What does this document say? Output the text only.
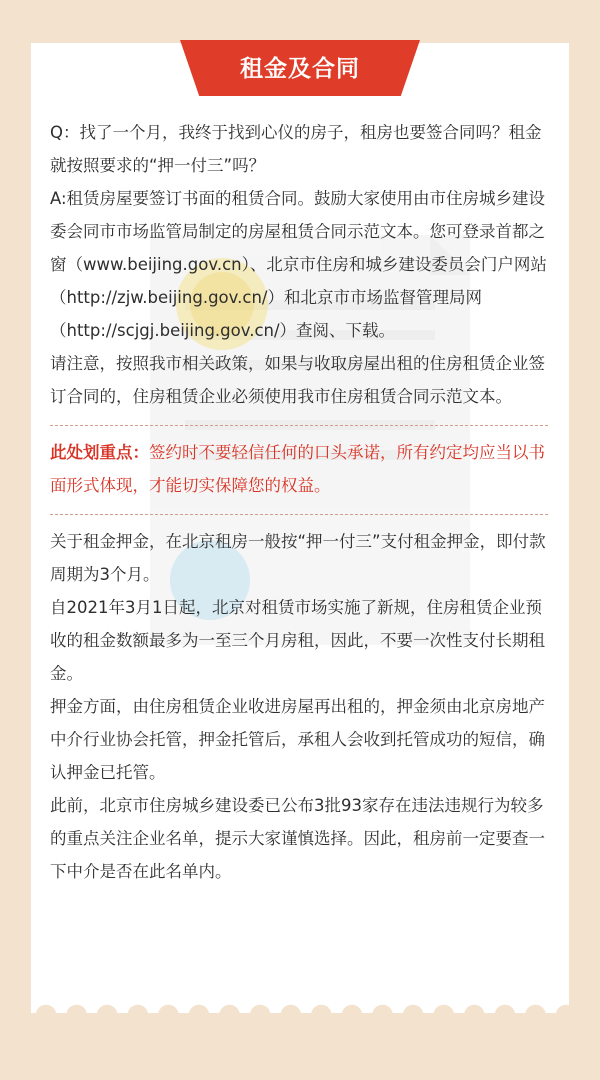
租金及合同

Q：找了一个月，我终于找到心仪的房子，租房也要签合同吗？租金就按照要求的“押一付三”吗？

A:租赁房屋要签订书面的租赁合同。鼓励大家使用由市住房城乡建设委会同市市场监管局制定的房屋租赁合同示范文本。您可登录首都之窗（www.beijing.gov.cn）、北京市住房和城乡建设委员会门户网站（http://zjw.beijing.gov.cn/）和北京市市场监督管理局网（http://scjgj.beijing.gov.cn/）查阅、下载。

请注意，按照我市相关政策，如果与收取房屋出租的住房租赁企业签订合同的，住房租赁企业必须使用我市住房租赁合同示范文本。

此处划重点：签约时不要轻信任何的口头承诺，所有约定均应当以书面形式体现，才能切实保障您的权益。

关于租金押金，在北京租房一般按“押一付三”支付租金押金，即付款周期为3个月。

自2021年3月1日起，北京对租赁市场实施了新规，住房租赁企业预收的租金数额最多为一至三个月房租，因此，不要一次性支付长期租金。

押金方面，由住房租赁企业收进房屋再出租的，押金须由北京房地产中介行业协会托管，押金托管后，承租人会收到托管成功的短信，确认押金已托管。

此前，北京市住房城乡建设委已公布3批93家存在违法违规行为较多的重点关注企业名单，提示大家谨慎选择。因此，租房前一定要查一下中介是否在此名单内。
